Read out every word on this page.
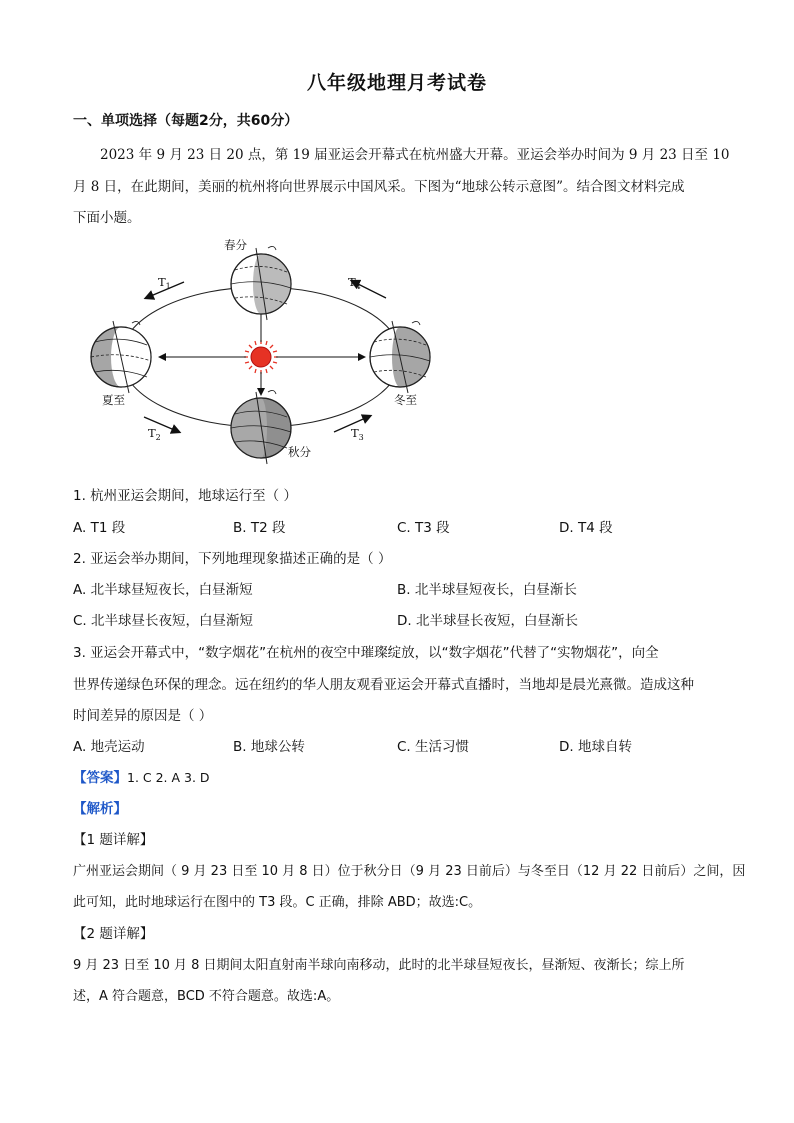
八年级地理月考试卷
一、单项选择（每题2分，共60分）
2023 年 9 月 23 日 20 点，第 19 届亚运会开幕式在杭州盛大开幕。亚运会举办时间为 9 月 23 日至 10
月 8 日，在此期间，美丽的杭州将向世界展示中国风采。下图为“地球公转示意图”。结合图文材料完成
下面小题。
春分
夏至	冬至
秋分
$T_1$
$T_2$	$T_3$
$T_4$
1. 杭州亚运会期间，地球运行至（ ）
A. T1 段	B. T2 段	C. T3 段	D. T4 段
2. 亚运会举办期间，下列地理现象描述正确的是（ ）
A. 北半球昼短夜长，白昼渐短	B. 北半球昼短夜长，白昼渐长
C. 北半球昼长夜短，白昼渐短	D. 北半球昼长夜短，白昼渐长
3. 亚运会开幕式中，“数字烟花”在杭州的夜空中璀璨绽放，以“数字烟花”代替了“实物烟花”，向全
世界传递绿色环保的理念。远在纽约的华人朋友观看亚运会开幕式直播时，当地却是晨光熹微。造成这种
时间差异的原因是（ ）
A. 地壳运动	B. 地球公转	C. 生活习惯	D. 地球自转
【答案】1. C 2. A 3. D
【解析】
【1 题详解】
广州亚运会期间（ 9 月 23 日至 10 月 8 日）位于秋分日（9 月 23 日前后）与冬至日（12 月 22 日前后）之间，因
此可知，此时地球运行在图中的 T3 段。C 正确，排除 ABD；故选:C。
【2 题详解】
9 月 23 日至 10 月 8 日期间太阳直射南半球向南移动，此时的北半球昼短夜长，昼渐短、夜渐长；综上所
述，A 符合题意，BCD 不符合题意。故选:A。
